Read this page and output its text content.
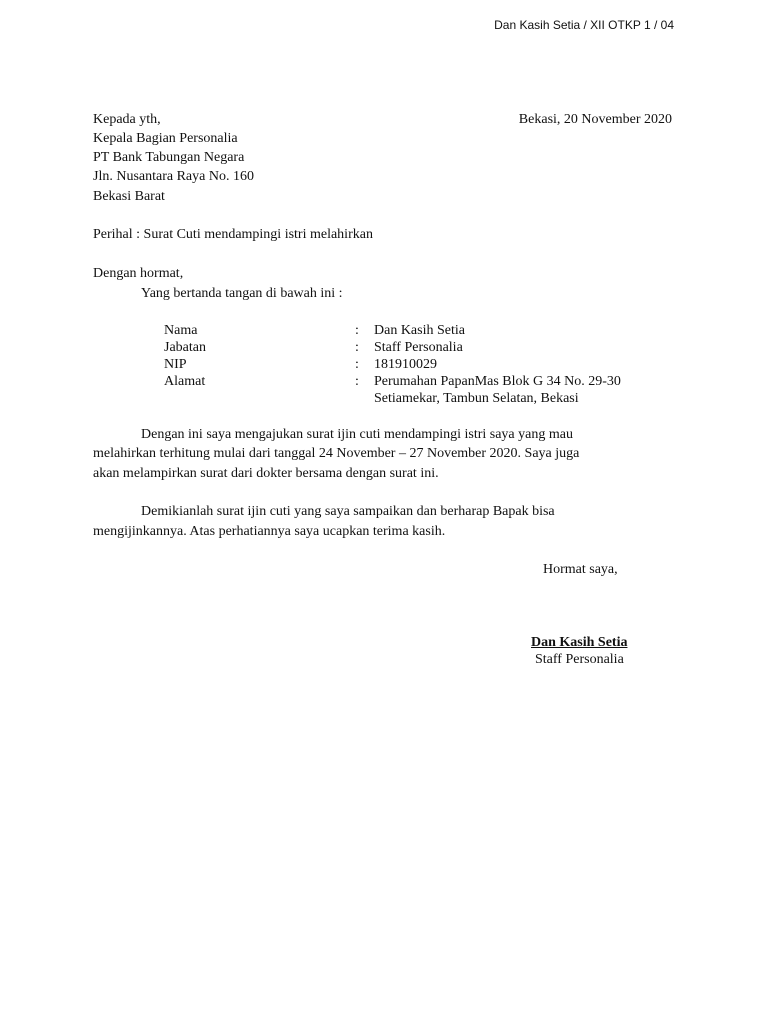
Dan Kasih Setia / XII OTKP 1 / 04
Bekasi, 20 November 2020
Kepada yth,
Kepala Bagian Personalia
PT Bank Tabungan Negara
Jln. Nusantara Raya No. 160
Bekasi Barat
Perihal : Surat Cuti mendampingi istri melahirkan
Dengan hormat,
Yang bertanda tangan di bawah ini :
Nama	: Dan Kasih Setia
Jabatan	: Staff Personalia
NIP	: 181910029
Alamat	: Perumahan PapanMas Blok G 34 No. 29-30
Setiamekar, Tambun Selatan, Bekasi
Dengan ini saya mengajukan surat ijin cuti mendampingi istri saya yang mau
melahirkan terhitung mulai dari tanggal 24 November – 27 November 2020. Saya juga
akan melampirkan surat dari dokter bersama dengan surat ini.
Demikianlah surat ijin cuti yang saya sampaikan dan berharap Bapak bisa
mengijinkannya. Atas perhatiannya saya ucapkan terima kasih.
Hormat saya,
Dan Kasih Setia
Staff Personalia
